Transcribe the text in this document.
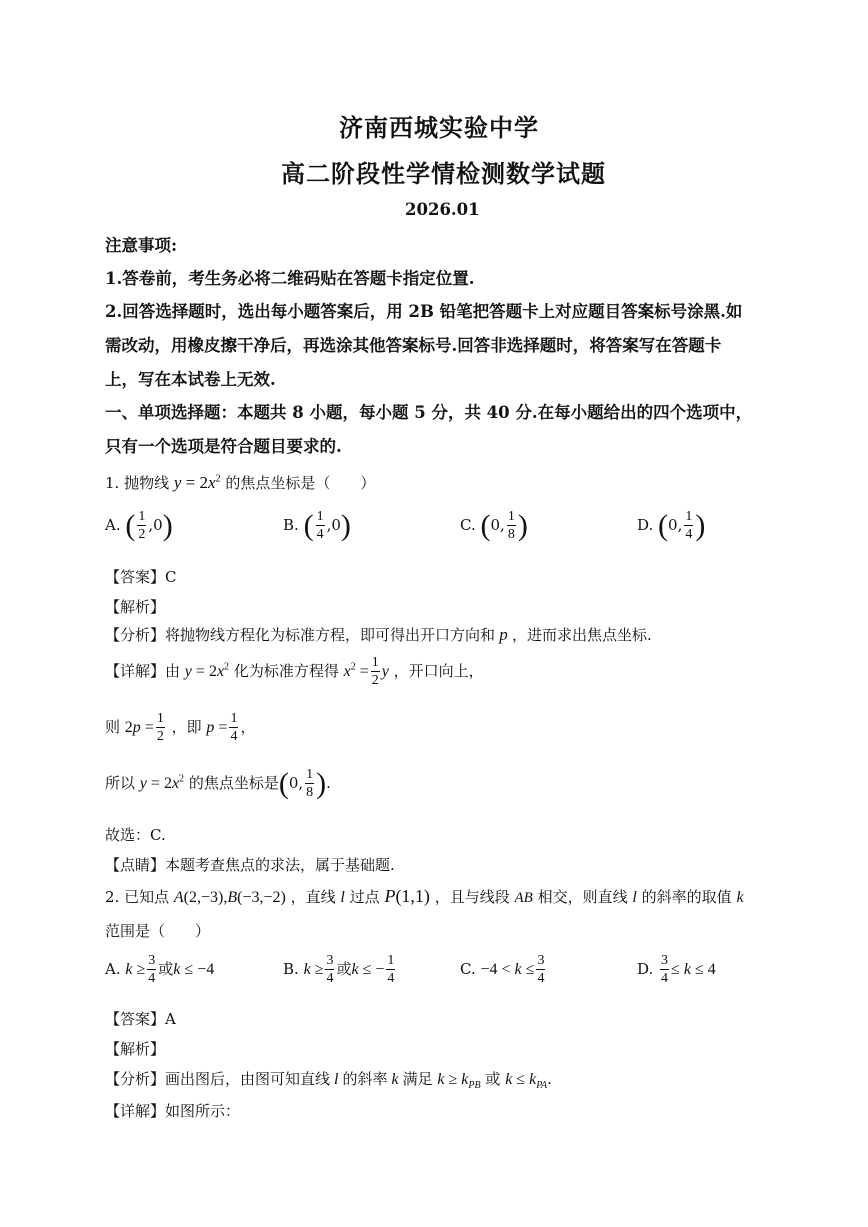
济南西城实验中学
高二阶段性学情检测数学试题
2026.01
注意事项:
1.答卷前，考生务必将二维码贴在答题卡指定位置.
2.回答选择题时，选出每小题答案后，用 2B 铅笔把答题卡上对应题目答案标号涂黑.如
需改动，用橡皮擦干净后，再选涂其他答案标号.回答非选择题时，将答案写在答题卡
上，写在本试卷上无效.
一、单项选择题：本题共 8 小题，每小题 5 分，共 40 分.在每小题给出的四个选项中，
只有一个选项是符合题目要求的.
1. 抛物线 $y = 2x^2$ 的焦点坐标是（　　）
A. ( $\frac{1}{2} ,0$)	B. ( $\frac{1}{4} ,0$)	C. (0, $\frac{1}{8}$ )	D. (0, $\frac{1}{4}$ )
【答案】C
【解析】
【分析】将抛物线方程化为标准方程，即可得出开口方向和 p ，进而求出焦点坐标.
【详解】由 $y = 2x^2$ 化为标准方程得 $x^2 = \frac{1}{2}$ y ，开口向上，
则 $2p = \frac{1}{2}$ ，即 $p = \frac{1}{4}$ ，
所以 $y = 2x^2$ 的焦点坐标是(0, $\frac{1}{8}$ ).
故选：C.
【点睛】本题考查焦点的求法，属于基础题.
2. 已知点 A(2,−3),B(−3,−2) ，直线 l 过点 P(1,1) ，且与线段 AB 相交，则直线 l 的斜率的取值 k
范围是（　　）
A. $k \ge \frac{3}{4}$ 或k ≤ −4	B. $k \ge \frac{3}{4}$ 或k ≤ − $\frac{1}{4}$	C. $-4 < k \le \frac{3}{4}$	D. $\frac{3}{4} \le k \le 4$
【答案】A
【解析】
【分析】画出图后，由图可知直线 l 的斜率 k 满足 $k \ge k_{PB}$ 或 $k \le k_{PA}$.
【详解】如图所示：
